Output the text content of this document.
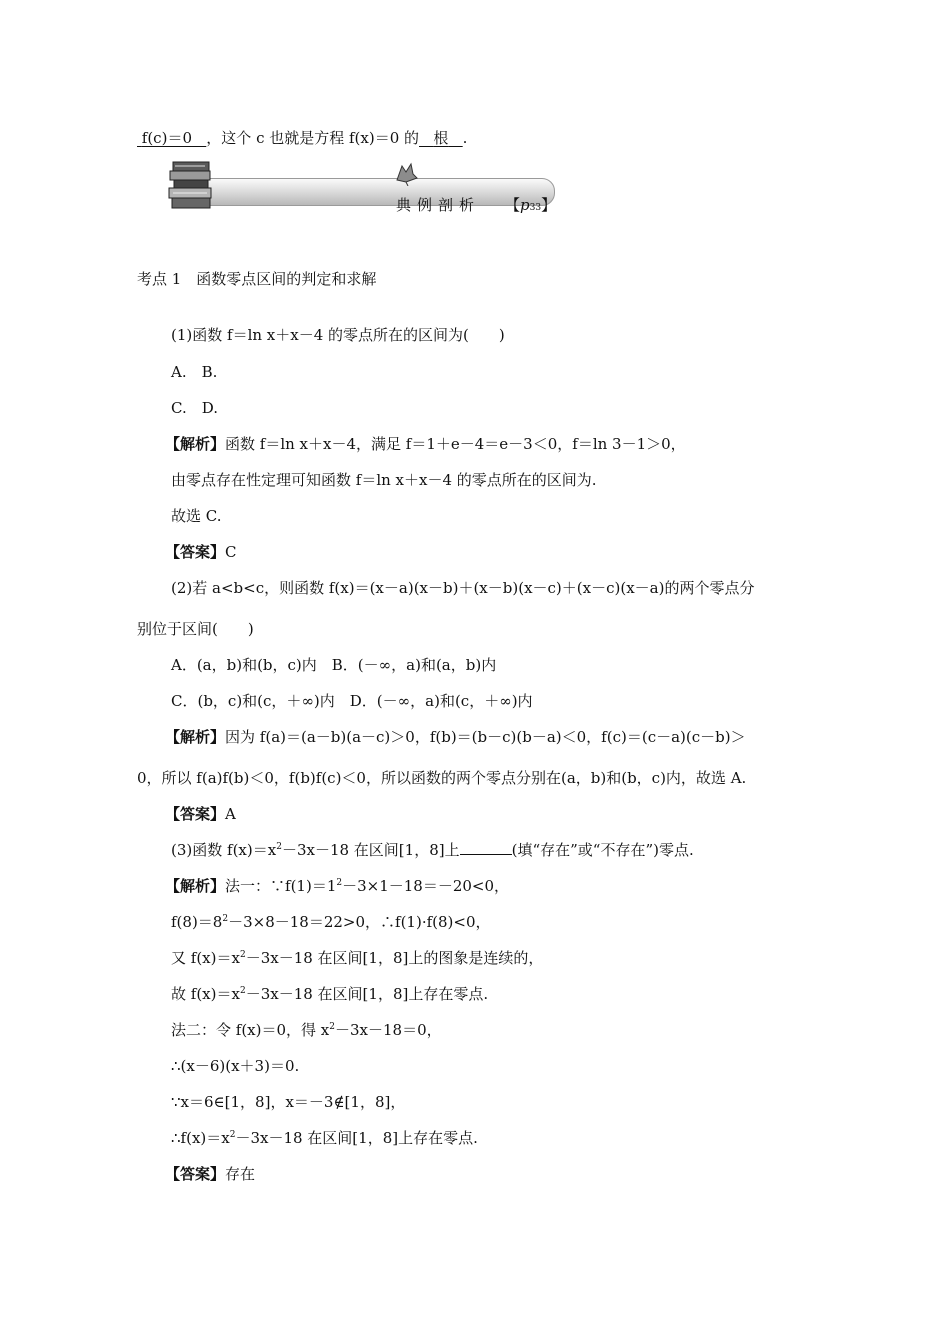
f(c)＝0 ，这个 c 也就是方程 f(x)＝0 的 根 .
典例剖析 【p33】
考点 1　函数零点区间的判定和求解
(1)函数 f＝ln x＋x－4 的零点所在的区间为(　　)
A.　B.
C.　D.
【解析】函数 f＝ln x＋x－4，满足 f＝1＋e－4＝e－3＜0，f＝ln 3－1＞0，
由零点存在性定理可知函数 f＝ln x＋x－4 的零点所在的区间为.
故选 C.
【答案】C
(2)若 a<b<c，则函数 f(x)＝(x－a)(x－b)＋(x－b)(x－c)＋(x－c)(x－a)的两个零点分
别位于区间(　　)
A．(a，b)和(b，c)内　B．(－∞，a)和(a，b)内
C．(b，c)和(c，＋∞)内　D．(－∞，a)和(c，＋∞)内
【解析】因为 f(a)＝(a－b)(a－c)＞0，f(b)＝(b－c)(b－a)＜0，f(c)＝(c－a)(c－b)＞
0，所以 f(a)f(b)＜0，f(b)f(c)＜0，所以函数的两个零点分别在(a，b)和(b，c)内，故选 A.
【答案】A
(3)函数 $f(x)=x^2-3x-18$ 在区间[1，8]上	(填“存在”或“不存在”)零点.
【解析】法一：$\because f(1)=1^2-3\times 1-18=-20<0$，
$f(8)=8^2-3\times 8-18=22>0$，∴f(1)·f(8)<0，
又 $f(x)=x^2-3x-18$ 在区间[1，8]上的图象是连续的，
故 $f(x)=x^2-3x-18$ 在区间[1，8]上存在零点.
法二：令 f(x)＝0，得 $x^2-3x-18=0$，
∴(x－6)(x＋3)＝0.
∵x＝6∈[1，8]，x＝－3∉[1，8]，
$\therefore f(x)=x^2-3x-18$ 在区间[1，8]上存在零点.
【答案】存在
